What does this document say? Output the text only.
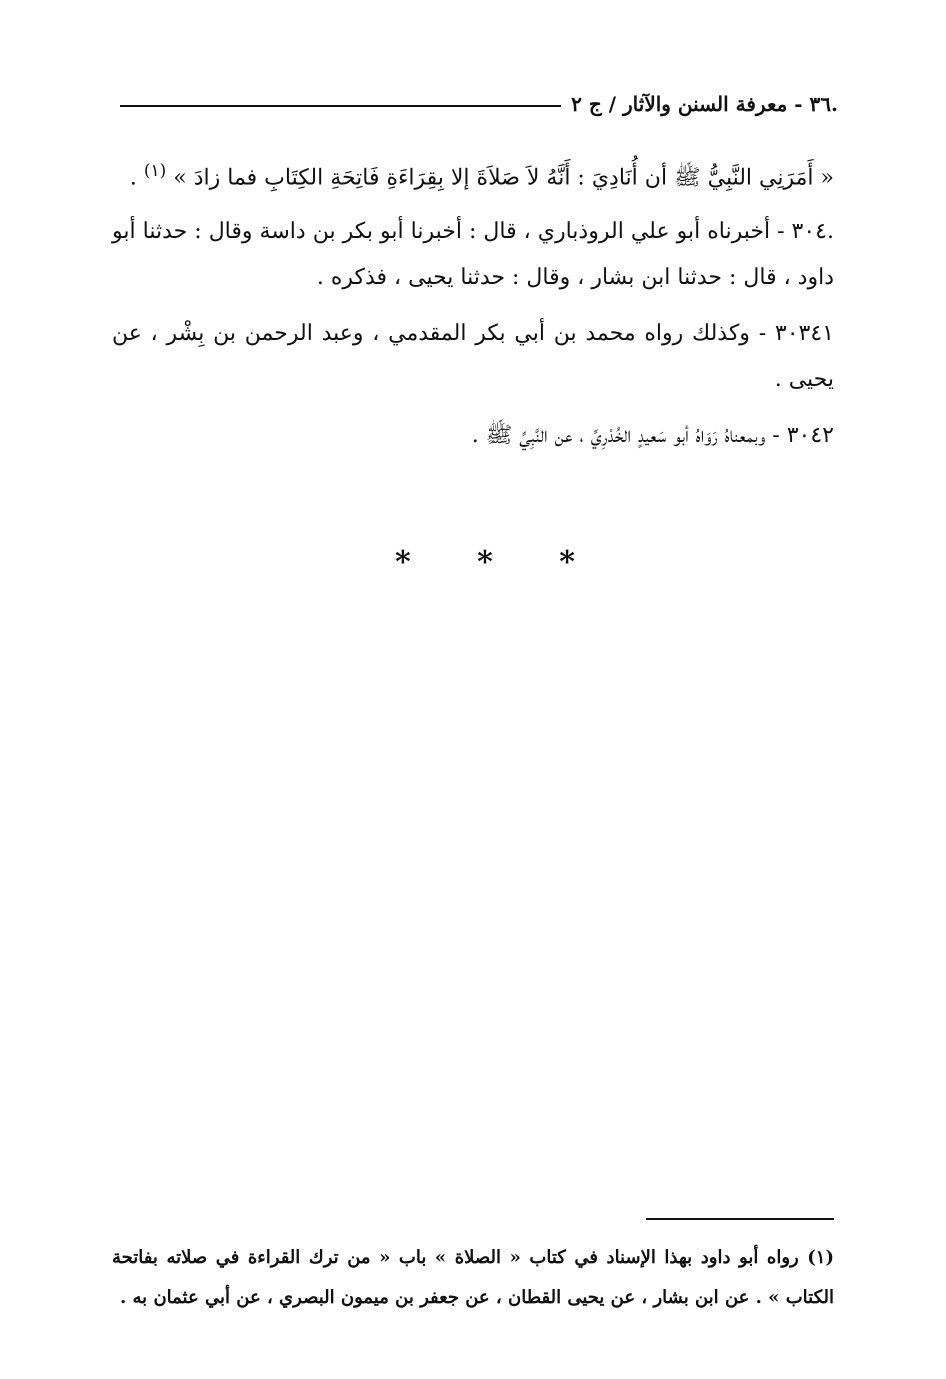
.٣٦ - معرفة السنن والآثار / ج ٢

« أَمَرَنِي النَّبِيُّ ﷺ أن أُنَادِيَ : أَنَّهُ لاَ صَلاَةَ إلا بِقِرَاءَةِ فَاتِحَةِ الكِتَابِ فما زادَ » $^{(١)}$ .

.٣٠٤ - أخبرناه أبو علي الروذباري ، قال : أخبرنا أبو بكر بن داسة وقال : حدثنا أبو داود ، قال : حدثنا ابن بشار ، وقال : حدثنا يحيى ، فذكره .

٣٠٣٤١ - وكذلك رواه محمد بن أبي بكر المقدمي ، وعبد الرحمن بن بِشْر ، عن يحيى .

٣٠٤٢ - وبمعناهُ رَوَاهُ أبو سَعيدٍ الخُدْرِيِّ ، عن النَّبِيِّ ﷺ .

* * *

(١) رواه أبو داود بهذا الإسناد في كتاب « الصلاة » باب « من ترك القراءة في صلاته بفاتحة الكتاب » . عن ابن بشار ، عن يحيى القطان ، عن جعفر بن ميمون البصري ، عن أبي عثمان به .
